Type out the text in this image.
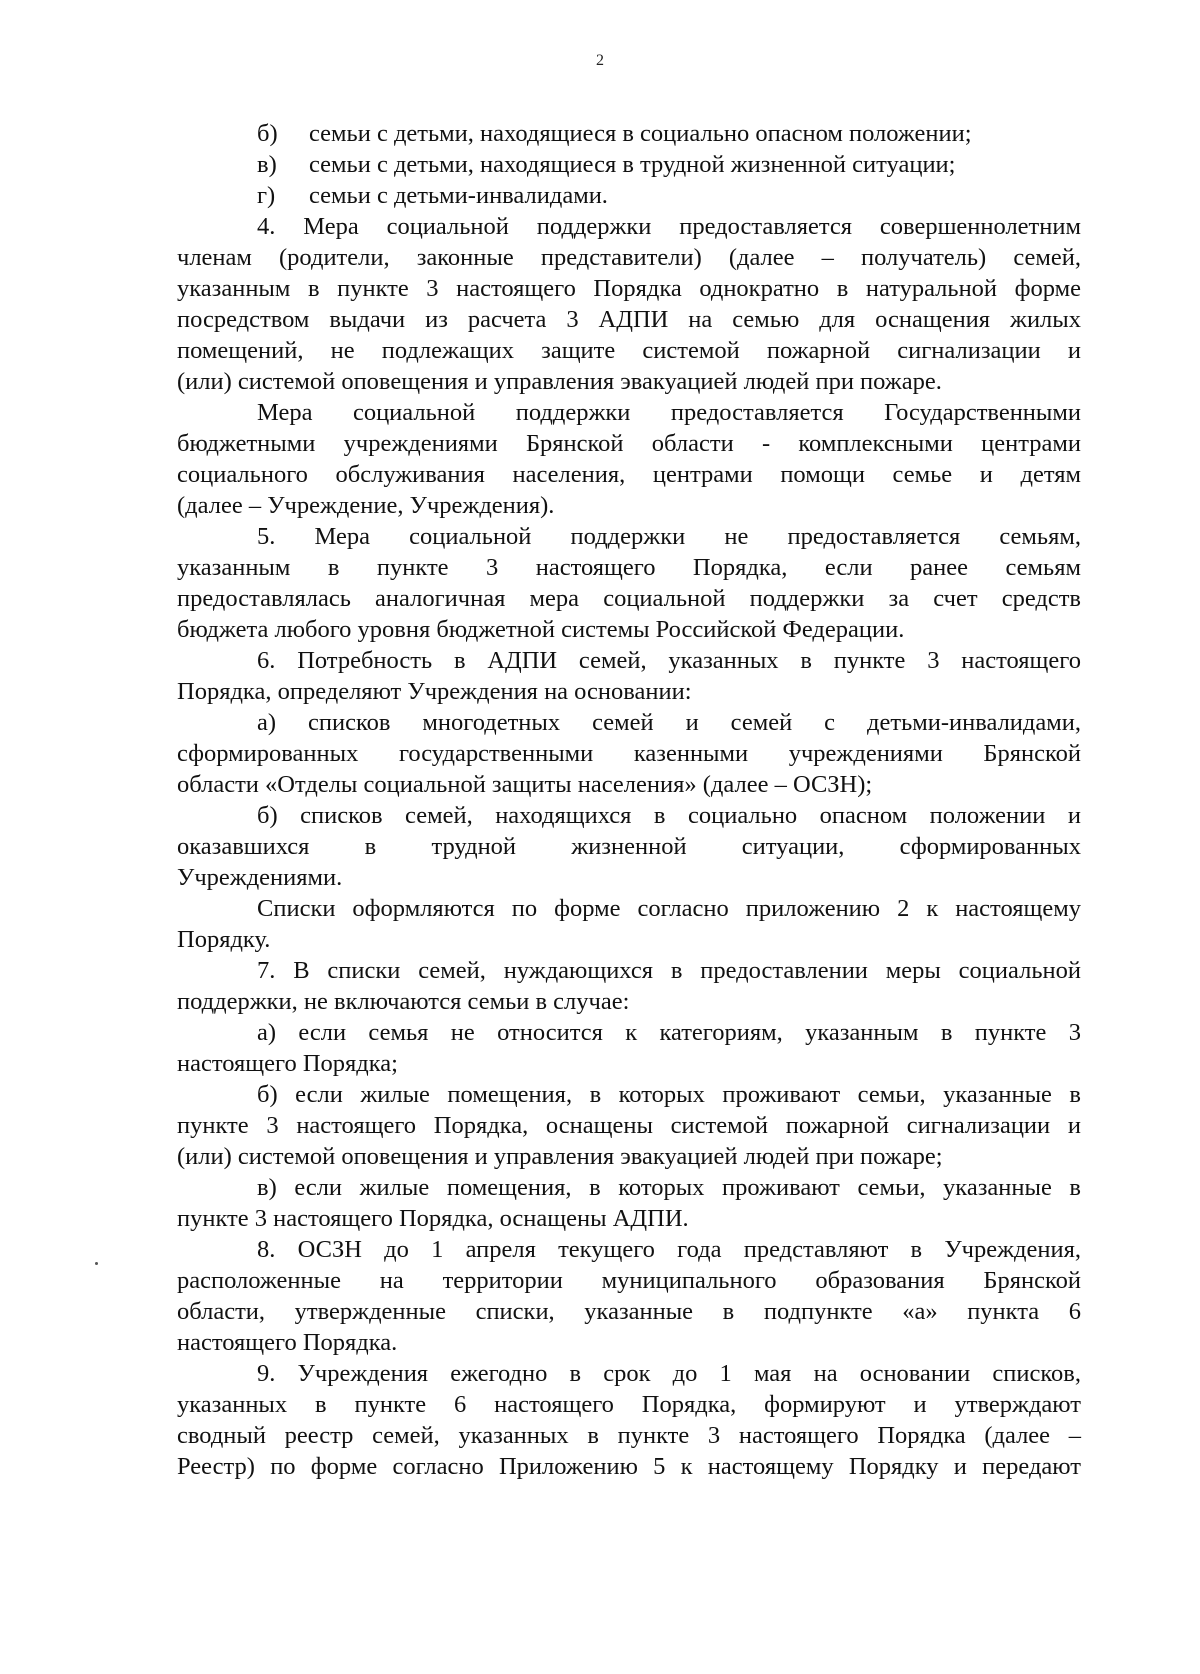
2
б) семьи с детьми, находящиеся в социально опасном положении;
в) семьи с детьми, находящиеся в трудной жизненной ситуации;
г) семьи с детьми-инвалидами.
4. Мера социальной поддержки предоставляется совершеннолетним
членам (родители, законные представители) (далее – получатель) семей,
указанным в пункте 3 настоящего Порядка однократно в натуральной форме
посредством выдачи из расчета 3 АДПИ на семью для оснащения жилых
помещений, не подлежащих защите системой пожарной сигнализации и
(или) системой оповещения и управления эвакуацией людей при пожаре.
Мера социальной поддержки предоставляется Государственными
бюджетными учреждениями Брянской области - комплексными центрами
социального обслуживания населения, центрами помощи семье и детям
(далее – Учреждение, Учреждения).
5. Мера социальной поддержки не предоставляется семьям,
указанным в пункте 3 настоящего Порядка, если ранее семьям
предоставлялась аналогичная мера социальной поддержки за счет средств
бюджета любого уровня бюджетной системы Российской Федерации.
6. Потребность в АДПИ семей, указанных в пункте 3 настоящего
Порядка, определяют Учреждения на основании:
а) списков многодетных семей и семей с детьми-инвалидами,
сформированных государственными казенными учреждениями Брянской
области «Отделы социальной защиты населения» (далее – ОСЗН);
б) списков семей, находящихся в социально опасном положении и
оказавшихся в трудной жизненной ситуации, сформированных
Учреждениями.
Списки оформляются по форме согласно приложению 2 к настоящему
Порядку.
7. В списки семей, нуждающихся в предоставлении меры социальной
поддержки, не включаются семьи в случае:
а) если семья не относится к категориям, указанным в пункте 3
настоящего Порядка;
б) если жилые помещения, в которых проживают семьи, указанные в
пункте 3 настоящего Порядка, оснащены системой пожарной сигнализации и
(или) системой оповещения и управления эвакуацией людей при пожаре;
в) если жилые помещения, в которых проживают семьи, указанные в
пункте 3 настоящего Порядка, оснащены АДПИ.
8. ОСЗН до 1 апреля текущего года представляют в Учреждения,
расположенные на территории муниципального образования Брянской
области, утвержденные списки, указанные в подпункте «а» пункта 6
настоящего Порядка.
9. Учреждения ежегодно в срок до 1 мая на основании списков,
указанных в пункте 6 настоящего Порядка, формируют и утверждают
сводный реестр семей, указанных в пункте 3 настоящего Порядка (далее –
Реестр) по форме согласно Приложению 5 к настоящему Порядку и передают
